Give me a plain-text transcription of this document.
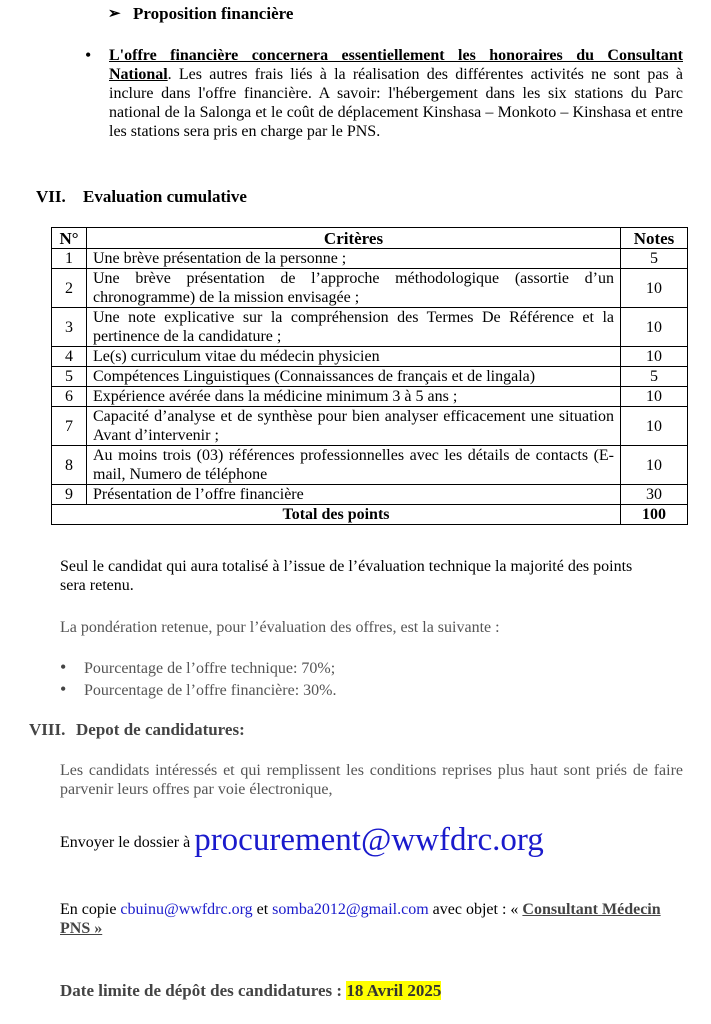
➢ Proposition financière
• L'offre financière concernera essentiellement les honoraires du Consultant National. Les autres frais liés à la réalisation des différentes activités ne sont pas à inclure dans l'offre financière. A savoir: l'hébergement dans les six stations du Parc national de la Salonga et le coût de déplacement Kinshasa – Monkoto – Kinshasa et entre les stations sera pris en charge par le PNS.
VII. Evaluation cumulative
N°	Critères	Notes
1	Une brève présentation de la personne ;	5
2	Une brève présentation de l’approche méthodologique (assortie d’un chronogramme) de la mission envisagée ;	10
3	Une note explicative sur la compréhension des Termes De Référence et la pertinence de la candidature ;	10
4	Le(s) curriculum vitae du médecin physicien	10
5	Compétences Linguistiques (Connaissances de français et de lingala)	5
6	Expérience avérée dans la médicine minimum 3 à 5 ans ;	10
7	Capacité d’analyse et de synthèse pour bien analyser efficacement une situation Avant d’intervenir ;	10
8	Au moins trois (03) références professionnelles avec les détails de contacts (E-mail, Numero de téléphone	10
9	Présentation de l’offre financière	30
Total des points		100
Seul le candidat qui aura totalisé à l’issue de l’évaluation technique la majorité des points sera retenu.
La pondération retenue, pour l’évaluation des offres, est la suivante :
• Pourcentage de l’offre technique: 70%;
• Pourcentage de l’offre financière: 30%.
VIII. Depot de candidatures:
Les candidats intéressés et qui remplissent les conditions reprises plus haut sont priés de faire parvenir leurs offres par voie électronique,
Envoyer le dossier à procurement@wwfdrc.org
En copie cbuinu@wwfdrc.org et somba2012@gmail.com avec objet : « Consultant Médecin PNS »
Date limite de dépôt des candidatures : 18 Avril 2025
